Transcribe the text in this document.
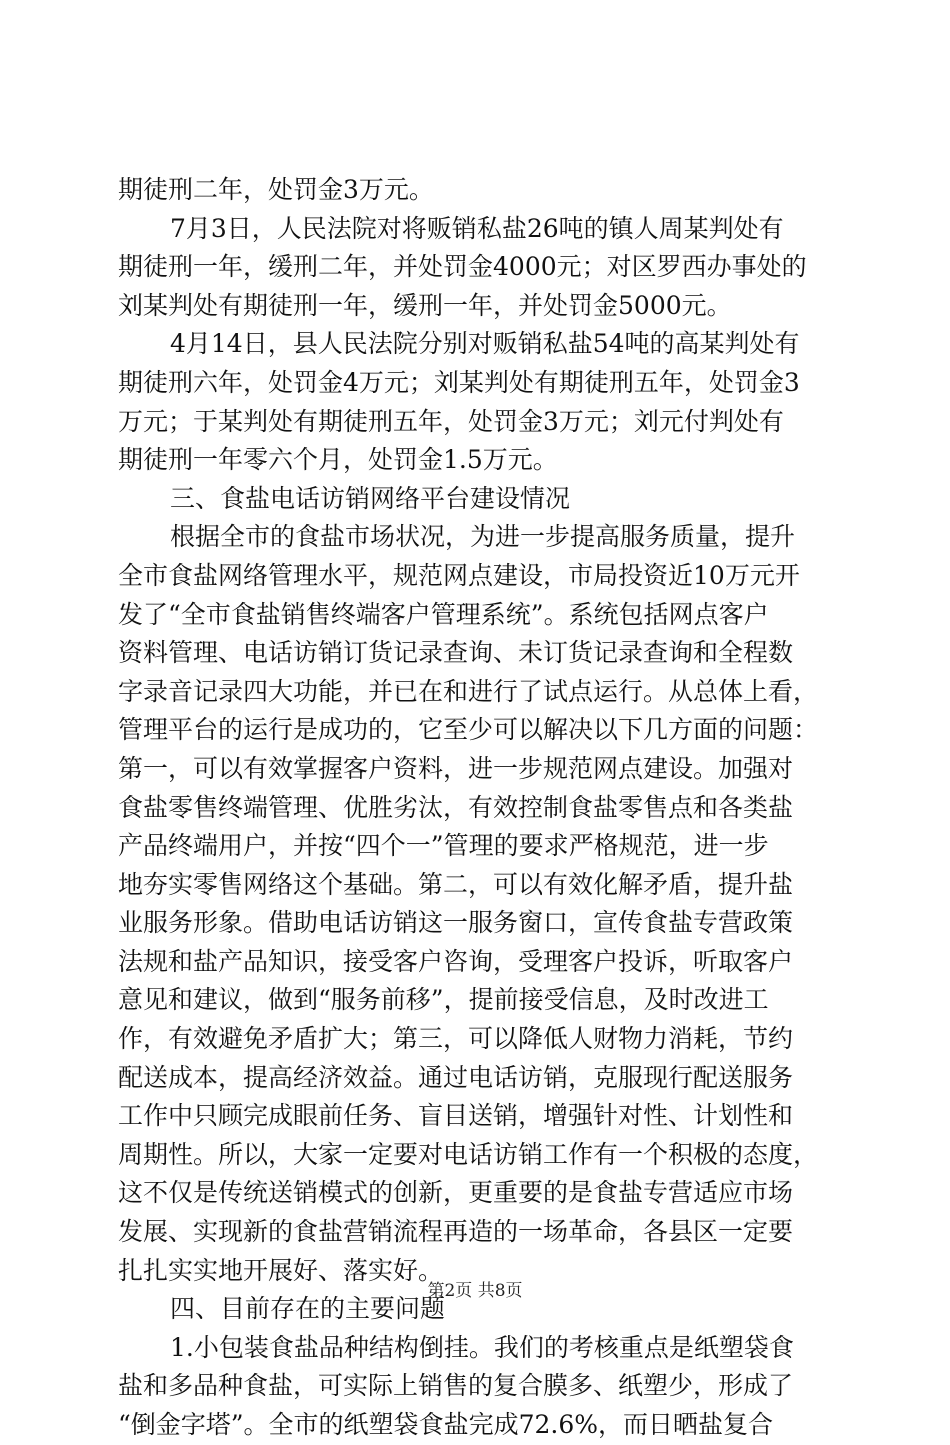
期徒刑二年，处罚金3万元。
7月3日，人民法院对将贩销私盐26吨的镇人周某判处有
期徒刑一年，缓刑二年，并处罚金4000元；对区罗西办事处的
刘某判处有期徒刑一年，缓刑一年，并处罚金5000元。
4月14日，县人民法院分别对贩销私盐54吨的高某判处有
期徒刑六年，处罚金4万元；刘某判处有期徒刑五年，处罚金3
万元；于某判处有期徒刑五年，处罚金3万元；刘元付判处有
期徒刑一年零六个月，处罚金1.5万元。
三、食盐电话访销网络平台建设情况
根据全市的食盐市场状况，为进一步提高服务质量，提升
全市食盐网络管理水平，规范网点建设，市局投资近10万元开
发了“全市食盐销售终端客户管理系统”。系统包括网点客户
资料管理、电话访销订货记录查询、未订货记录查询和全程数
字录音记录四大功能，并已在和进行了试点运行。从总体上看，
管理平台的运行是成功的，它至少可以解决以下几方面的问题：
第一，可以有效掌握客户资料，进一步规范网点建设。加强对
食盐零售终端管理、优胜劣汰，有效控制食盐零售点和各类盐
产品终端用户，并按“四个一”管理的要求严格规范，进一步
地夯实零售网络这个基础。第二，可以有效化解矛盾，提升盐
业服务形象。借助电话访销这一服务窗口，宣传食盐专营政策
法规和盐产品知识，接受客户咨询，受理客户投诉，听取客户
意见和建议，做到“服务前移”，提前接受信息，及时改进工
作，有效避免矛盾扩大；第三，可以降低人财物力消耗，节约
配送成本，提高经济效益。通过电话访销，克服现行配送服务
工作中只顾完成眼前任务、盲目送销，增强针对性、计划性和
周期性。所以，大家一定要对电话访销工作有一个积极的态度，
这不仅是传统送销模式的创新，更重要的是食盐专营适应市场
发展、实现新的食盐营销流程再造的一场革命，各县区一定要
扎扎实实地开展好、落实好。
四、目前存在的主要问题
1.小包装食盐品种结构倒挂。我们的考核重点是纸塑袋食
盐和多品种食盐，可实际上销售的复合膜多、纸塑少，形成了
“倒金字塔”。全市的纸塑袋食盐完成72.6%，而日晒盐复合
第2页 共8页
